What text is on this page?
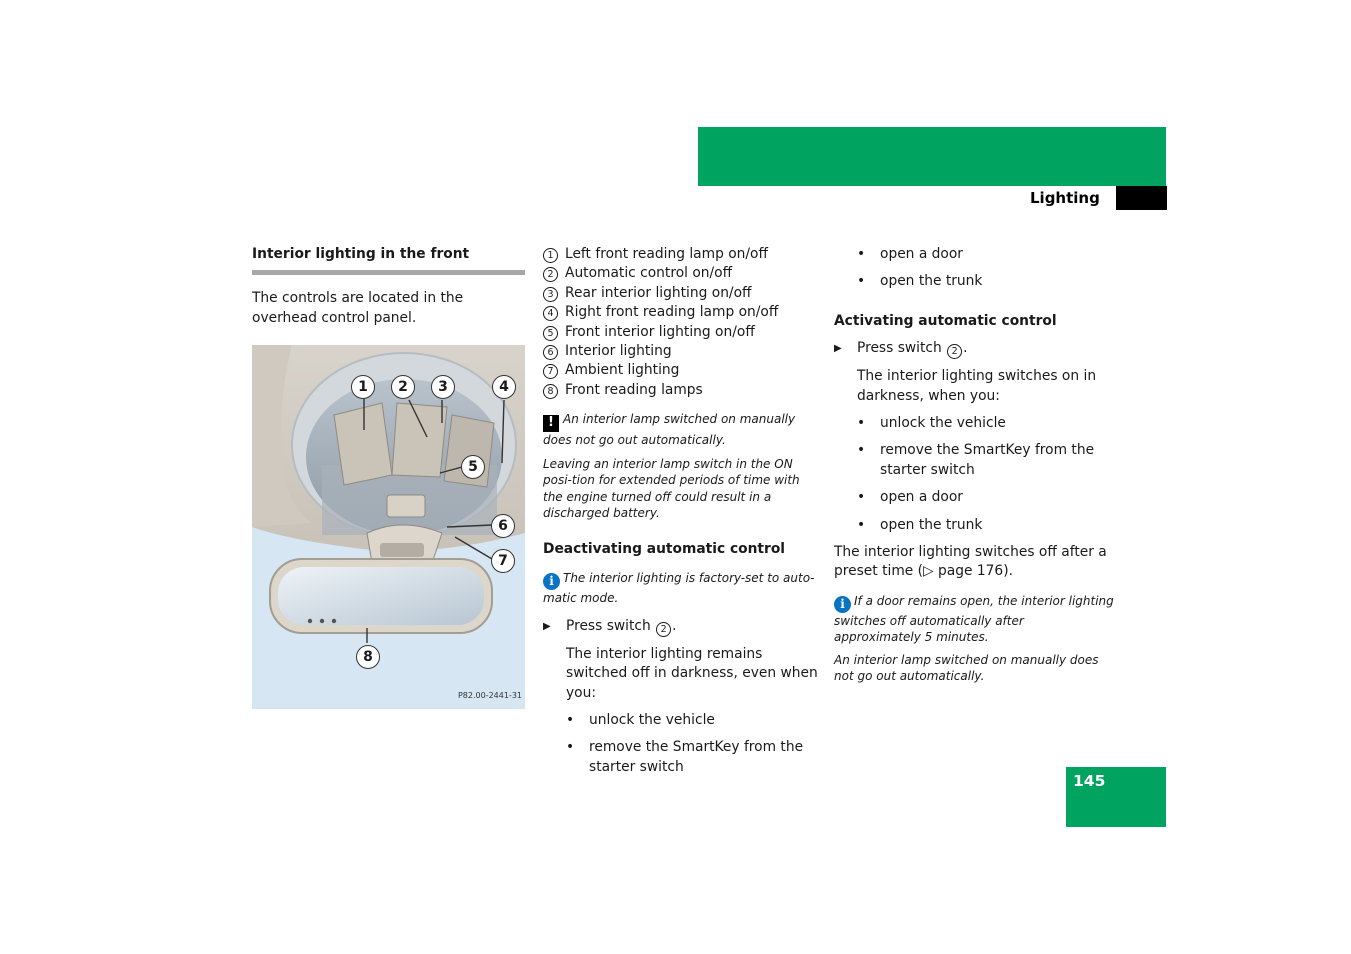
Controls in detail

Lighting

Interior lighting in the front

The controls are located in the overhead control panel.

1	2	3	4
5
6
7
8
P82.00-2441-31
1 Left front reading lamp on/off
2 Automatic control on/off
3 Rear interior lighting on/off
4 Right front reading lamp on/off
5 Front interior lighting on/off
6 Interior lighting
7 Ambient lighting
8 Front reading lamps

! An interior lamp switched on manually does not go out automatically.

Leaving an interior lamp switch in the ON posi-tion for extended periods of time with the engine turned off could result in a discharged battery.

Deactivating automatic control

i The interior lighting is factory-set to auto-matic mode.

▶	Press switch 2 .

The interior lighting remains switched off in darkness, even when you:

•	unlock the vehicle
•	remove the SmartKey from the starter switch
•	open a door
•	open the trunk

Activating automatic control

▶	Press switch 2 .

The interior lighting switches on in darkness, when you:

•	unlock the vehicle
•	remove the SmartKey from the starter switch
•	open a door
•	open the trunk

The interior lighting switches off after a preset time (▷ page 176).

i If a door remains open, the interior lighting switches off automatically after approximately 5 minutes.

An interior lamp switched on manually does not go out automatically.

145
